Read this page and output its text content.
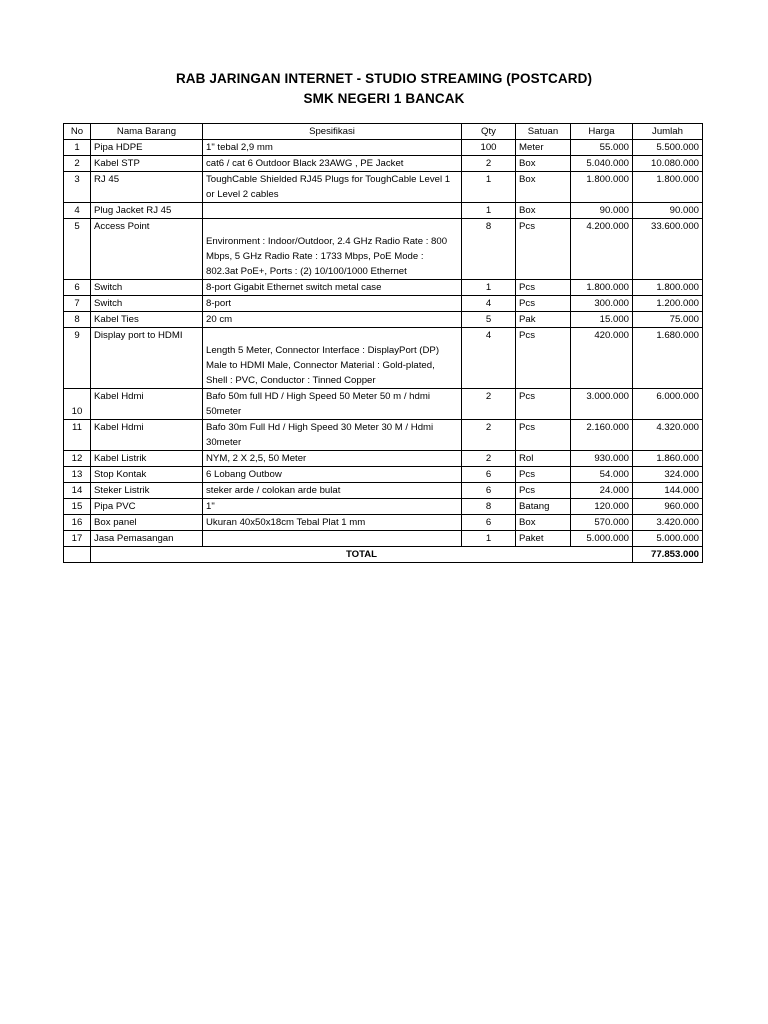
RAB JARINGAN INTERNET - STUDIO STREAMING (POSTCARD)
SMK NEGERI 1 BANCAK
No	Nama Barang	Spesifikasi	Qty	Satuan	Harga	Jumlah
1	Pipa HDPE	1" tebal 2,9 mm	100	Meter	55.000	5.500.000
2	Kabel STP	cat6 / cat 6 Outdoor Black 23AWG , PE Jacket	2	Box	5.040.000	10.080.000
3	RJ 45	ToughCable Shielded RJ45 Plugs for ToughCable Level 1 or Level 2 cables	1	Box	1.800.000	1.800.000
4	Plug Jacket RJ 45		1	Box	90.000	90.000
5	Access Point	Environment : Indoor/Outdoor, 2.4 GHz Radio Rate : 800 Mbps, 5 GHz Radio Rate : 1733 Mbps, PoE Mode : 802.3at PoE+, Ports : (2) 10/100/1000 Ethernet	8	Pcs	4.200.000	33.600.000
6	Switch	8-port Gigabit Ethernet switch metal case	1	Pcs	1.800.000	1.800.000
7	Switch	8-port	4	Pcs	300.000	1.200.000
8	Kabel Ties	20 cm	5	Pak	15.000	75.000
9	Display port to HDMI	Length 5 Meter, Connector Interface : DisplayPort (DP) Male to HDMI Male, Connector Material : Gold-plated, Shell : PVC, Conductor : Tinned Copper	4	Pcs	420.000	1.680.000
10	Kabel Hdmi	Bafo 50m full HD / High Speed 50 Meter 50 m / hdmi 50meter	2	Pcs	3.000.000	6.000.000
11	Kabel Hdmi	Bafo 30m Full Hd / High Speed 30 Meter 30 M / Hdmi 30meter	2	Pcs	2.160.000	4.320.000
12	Kabel Listrik	NYM, 2 X 2,5, 50 Meter	2	Rol	930.000	1.860.000
13	Stop Kontak	6 Lobang Outbow	6	Pcs	54.000	324.000
14	Steker Listrik	steker arde / colokan arde bulat	6	Pcs	24.000	144.000
15	Pipa PVC	1"	8	Batang	120.000	960.000
16	Box panel	Ukuran 40x50x18cm Tebal Plat 1 mm	6	Box	570.000	3.420.000
17	Jasa Pemasangan		1	Paket	5.000.000	5.000.000
	TOTAL					77.853.000
